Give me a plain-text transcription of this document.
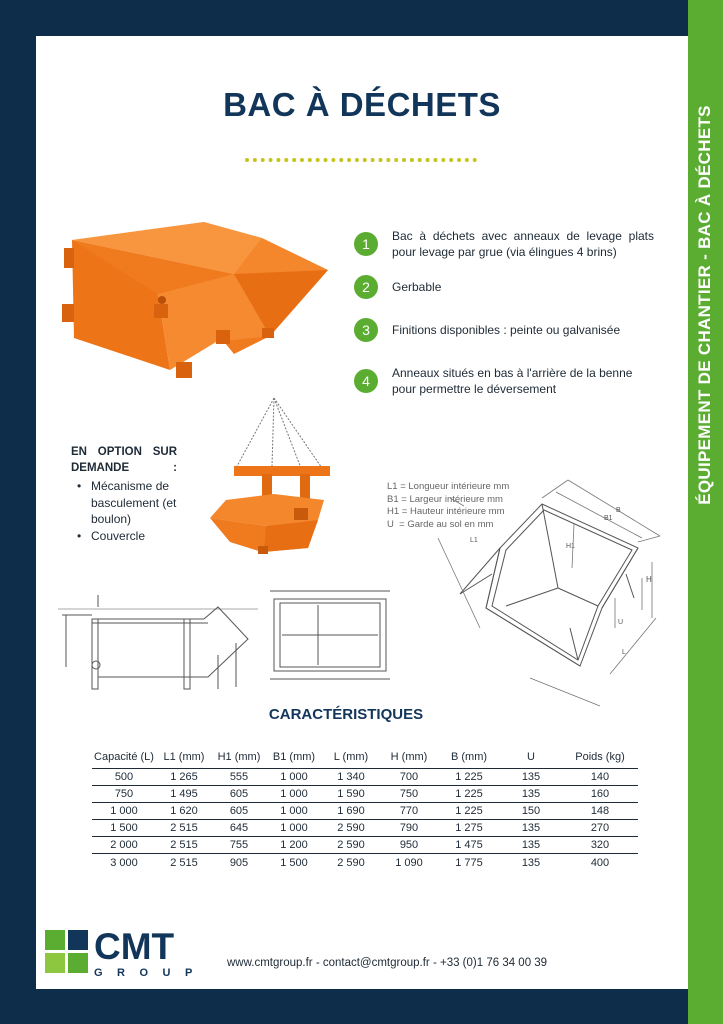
ÉQUIPEMENT DE CHANTIER - BAC À DÉCHETS
BAC À DÉCHETS
1	Bac à déchets avec anneaux de levage plats pour levage par grue (via élingues 4 brins)
2	Gerbable
3	Finitions disponibles : peinte ou galvanisée
4	Anneaux situés en bas à l'arrière de la benne pour permettre le déversement
EN OPTION SUR DEMANDE :
• Mécanisme de basculement (et boulon)
• Couvercle
L1 = Longueur intérieure mm
B1 = Largeur intérieure mm
H1 = Hauteur intérieure mm
U  = Garde au sol en mm
B
B1
H1
H
L1
L
U
CARACTÉRISTIQUES
Capacité (L)	L1 (mm)	H1 (mm)	B1 (mm)	L (mm)	H (mm)	B (mm)	U	Poids (kg)
500	1 265	555	1 000	1 340	700	1 225	135	140
750	1 495	605	1 000	1 590	750	1 225	135	160
1 000	1 620	605	1 000	1 690	770	1 225	150	148
1 500	2 515	645	1 000	2 590	790	1 275	135	270
2 000	2 515	755	1 200	2 590	950	1 475	135	320
3 000	2 515	905	1 500	2 590	1 090	1 775	135	400
CMT
GROUP
www.cmtgroup.fr - contact@cmtgroup.fr - +33 (0)1 76 34 00 39
